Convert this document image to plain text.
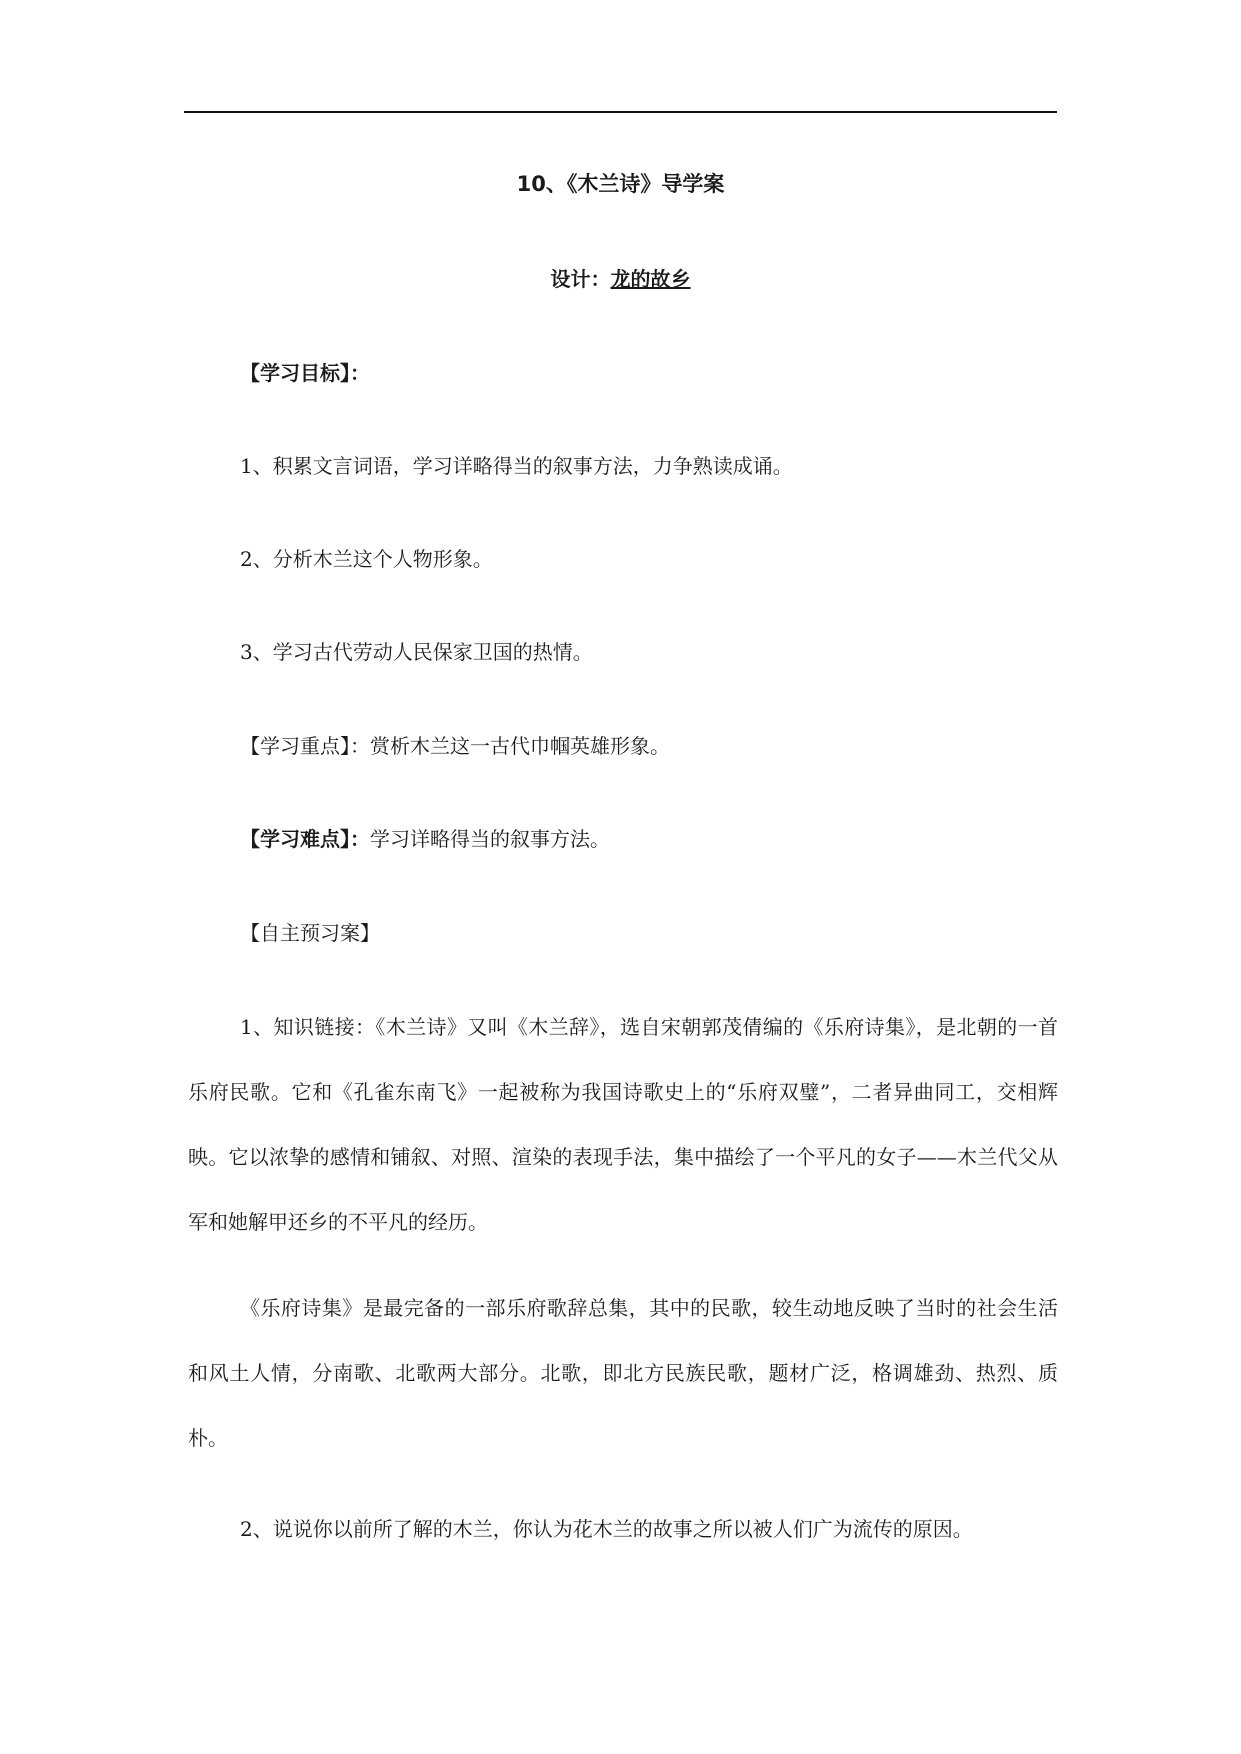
10、《木兰诗》导学案
设计：龙的故乡
【学习目标】：
1、积累文言词语，学习详略得当的叙事方法，力争熟读成诵。
2、分析木兰这个人物形象。
3、学习古代劳动人民保家卫国的热情。
【学习重点】：赏析木兰这一古代巾帼英雄形象。
【学习难点】：学习详略得当的叙事方法。
【自主预习案】
1、知识链接：《木兰诗》又叫《木兰辞》，选自宋朝郭茂倩编的《乐府诗集》，是北朝的一首乐府民歌。它和《孔雀东南飞》一起被称为我国诗歌史上的“乐府双璧”，二者异曲同工，交相辉映。它以浓挚的感情和铺叙、对照、渲染的表现手法，集中描绘了一个平凡的女子——木兰代父从军和她解甲还乡的不平凡的经历。
《乐府诗集》是最完备的一部乐府歌辞总集，其中的民歌，较生动地反映了当时的社会生活和风土人情，分南歌、北歌两大部分。北歌，即北方民族民歌，题材广泛，格调雄劲、热烈、质朴。
2、说说你以前所了解的木兰，你认为花木兰的故事之所以被人们广为流传的原因。
